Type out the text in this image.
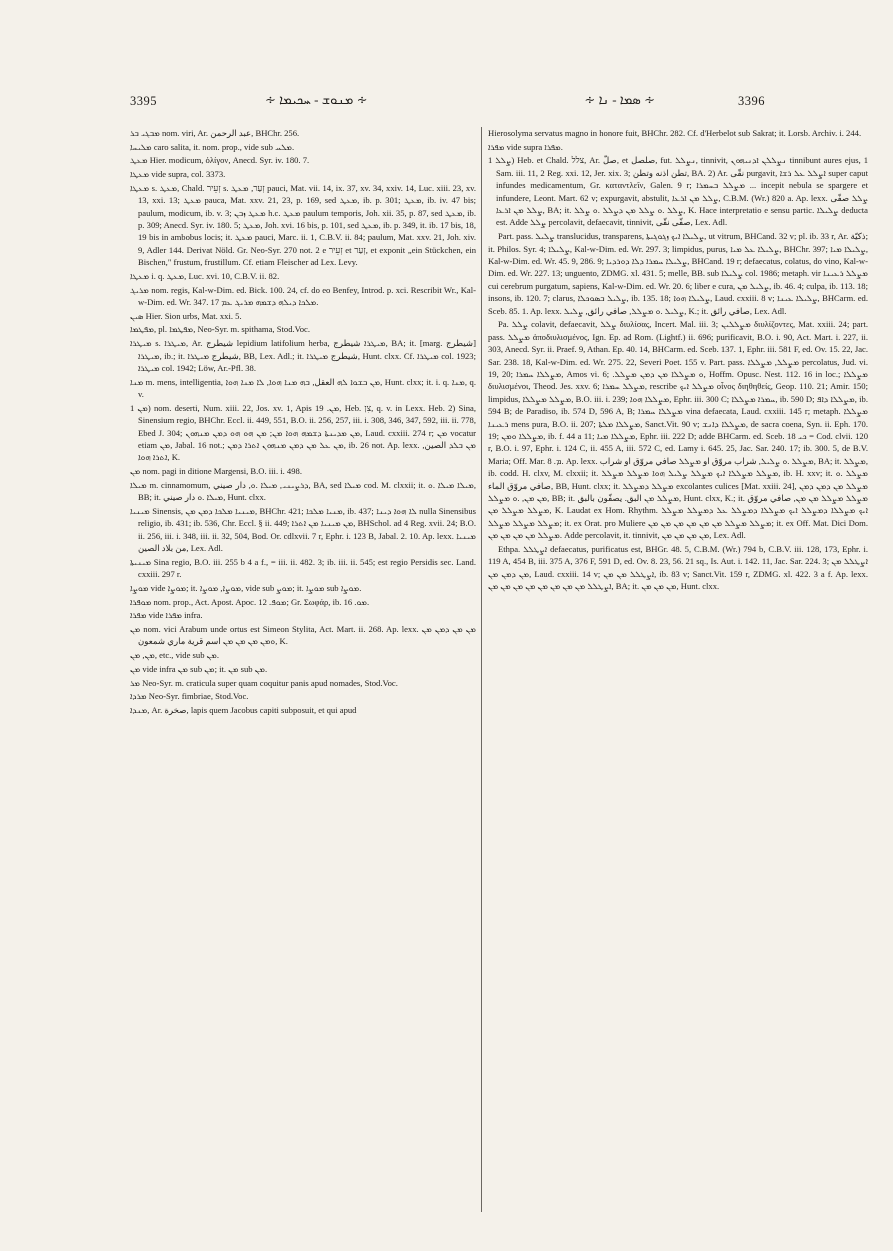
3395	∻ ܡܢܘܫ - ܚܟܝܡܐ ∻	∻ ܣܡܐ - ܢܐ ∻	3396
ܡܒܓܝ ܒܪ nom. viri, Ar. عبد الرحمن, BHChr. 256.
ܡܠܝܚܐ caro salita, it. nom. prop., vide sub ܡܠܚ.
ܡܥܛ Hier. modicum, ὀλίγον, Anecd. Syr. iv. 180. 7.
ܡܥܛܐ vide supra, col. 3373.
ܡܥܛܐ s. ܡܥܛ, Chald. זְעֵיר s. זְעַר, ܡܥܛ pauci, Mat. vii. 14, ix. 37, xv. 34, xxiv. 14, Luc. xiii. 23, xv. 13, xxi. 13; ܡܥܛ pauca, Mat. xxv. 21, 23, p. 169, sed ܡܥܛ, ib. p. 301; ܡܥܛ, ib. iv. 47 bis; paulum, modicum, ib. v. 3; ܡܥܛ ܙܒܢ h.c. ܡܥܛ paulum temporis, Joh. xii. 35, p. 87, sed ܡܥܛ, ib. p. 309; Anecd. Syr. iv. 180. 5; ܡܥܛ, Joh. xvi. 16 bis, p. 101, sed ܡܥܛ, ib. p. 349, it. ib. 17 bis, 18, 19 bis in ambobus locis; it. ܡܥܛ pauci, Marc. ii. 1, C.B.V. ii. 84; paulum, Mat. xxv. 21, Joh. xiv. 9, Adler 144. Derivat Nöld. Gr. Neo-Syr. 270 not. 2 e זְעֵיר et זְעַר, et exponit „ein Stückchen, ein Bischen," frustum, frustillum. Cf. etiam Fleischer ad Lex. Levy.
ܡܥܛܐ i. q. ܡܥܛ, Luc. xvi. 10, C.B.V. ii. 82.
ܡܪܝܓ nom. regis, Kal-w-Dim. ed. Bick. 100. 24, cf. do eo Benfey, Introd. p. xci. Rescribit Wr., Kal-w-Dim. ed. Wr. 347. 17 ܡܠܟܐ ܕܝܠܗ ܕܫܡܗ ܡܪܝܓ ܥܡ.
ܣܝܢ Hier. Sion urbs, Mat. xxi. 5.
ܡܦܛܡܐ, pl. ܡܦܛܡܐ, Neo-Syr. m. spithama, Stod.Voc.
ܡܝܛܪܐ s. ܡܝܛܪܐ, Ar. شيطرج lepidium latifolium herba, ܡܝܛܪܐ شيطرج, BA; it. [marg. شيطرج] ܡܝܛܪܐ, ib.; it. شيطرج ܡܝܛܪܐ, BB, Lex. Adl.; it. شيطرج ܡܝܛܪܐ, Hunt. clxx. Cf. ܡܝܛܪܐ col. 1923; ܡܝܛܪܐ col. 1942; Löw, Ar.-Pfl. 38.
ܡܢܐ m. mens, intelligentia, ܡܢ ܒܫܘܐ ܠܗ العقل, ܒܗ ܡܢܐ ܗܘܐ, ܠܐ ܡܢܐ ܗܘܐ, Hunt. clxx; it. i. q. ܡܢܐ, q. v.
ܡܢ 1) nom. deserti, Num. xiii. 22, Jos. xv. 1, Apis ܡܢ. 19, Heb. צִן, q. v. in Lexx. Heb. 2) Sina, Sinensium regio, BHChr. Eccl. ii. 449, 551, B.O. ii. 256, 257, iii. i. 308, 346, 347, 592, iii. ii. 778, Ebed J. 304; ܡܢ ܡܕܝܢܬܐ ܕܫܡܗ ܗܘܐ ܡܢ; ܡܢ ܗܘ ܗܘ ܕܡܢ ܡܢܗܘܢ, Laud. cxxiii. 274 r; ܡܢ vocatur etiam ܡܢ, Jabal. 16 not.; ܡܢ ܥܠ ܡܢ ܕܡܢ ܡܢܗܘܢ ܐܬܪܐ ܕܡܢ, ib. 26 not. Ap. lexx. ܡܢ ܒܠܕ الصين, ܐܬܪܐ ܗܘܐ, K.
ܡܢ nom. pagi in ditione Margensi, B.O. iii. i. 498.
ܡܝܠܐ m. cinnamomum, ܕܪܨܝܢܝ, ܡܝܠܐ .ܘ, دار صيني, BA, sed ܡܝܠܐ cod. M. clxxii; it. ܡܝܠܐ ܡܝܠܐ .ܘ, BB; it. ܡܝܠܐ .ܘ دار صيني, Hunt. clxx.
ܡܝܢܝܐ Sinensis, ܡܝܢܝܐ ܡܠܟܐ ܕܡܢ ܡܢ, BHChr. 421; ܡܢܝܐ ܡܠܟܐ, ib. 437; ܠܐ ܗܘܐ ܕܝܢܐ nulla Sinensibus religio, ib. 431; ib. 536, Chr. Eccl. § ii. 449; ܡܢ ܡܝܢܝܐ ܡܢ ܐܬܪܐ, BHSchol. ad 4 Reg. xvii. 24; B.O. ii. 256, iii. i. 348, iii. ii. 32, 504, Bod. Or. cdlxvii. 7 r, Ephr. i. 123 B, Jabal. 2. 10. Ap. lexx. ܡܝܢܝܐ من بلاد الصين, Lex. Adl.
ܡܝܢܝܬܐ Sina regio, B.O. iii. 255 b 4 a f., = iii. ii. 482. 3; ib. iii. ii. 545; est regio Persidis sec. Land. cxxiii. 297 r.
ܡܘܨܐ vide ܡܘܨܐ; it. ܡܘܨܐ, ܡܘܨܐ, vide sub ܡܘܨ; it. ܡܘܨܐ sub ܡܘܨܐ.
ܡܘܦܪܐ nom. prop., Act. Apost. Apoc. ܡܘܦ. 12; Gr. Σωφάρ, ib. ܡܘ. 16.
ܡܦܪܐ vide ܡܦܪܐ infra.
ܡܢ nom. vici Arabum unde ortus est Simeon Stylita, Act. Mart. ii. 268. Ap. lexx. ܡܢ ܡܢ ܕܡܢ ܡܢ ܘܡܢ ܡܢ ܡܢ ܡܢ اسم قرية ماري شمعون, K.
ܡܢ, ܡܢ, etc., vide sub ܡܢ.
ܡܢ vide infra ܡܢ sub ܡܢ; it. ܡܢ sub ܡܢ.
ܡܪ Neo-Syr. m. craticula super quam coquitur panis apud nomades, Stod.Voc.
ܡܪܕܐ Neo-Syr. fimbriae, Stod.Voc.
ܡܢܕܐ, Ar. صخرة, lapis quem Jacobus capiti subposuit, et qui apud
Hierosolyma servatus magno in honore fuit, BHChr. 282. Cf. d'Herbelot sub Sakrat; it. Lorsb. Archiv. i. 244.
ܡܦܪܐ vide supra ܡܦܪܐ.
ܨܠܠ 1) Heb. et Chald. צלל, Ar. صلّ, et صلصل, fut. ܢܨܠܠ, tinnivit, ܢܨܠܠܢ ܐܕܢܝܗܘܢ tinnibunt aures ejus, 1 Sam. iii. 11, 2 Reg. xxi. 12, Jer. xix. 3; تطن اذنه وتطن, BA. 2) Ar. نقّى purgavit, ܐܨܠܠ ܥܠ ܪܫܐ super caput infundes medicamentum, Gr. καταντλεῖν, Galen. 9 r; ܡܨܠܠ ܒܚܡܪܐ ... incepit nebula se spargere et infundere, Leont. Mart. 62 v; expurgavit, abstulit, ܨܠܠ ܡܢ ܐܪܥܐ, C.B.M. (Wr.) 820 a. Ap. lexx. ܨܠܠ صفّى ܨܠܠ ܡܢ ܐܪܥܐ, BA; it. ܨܠܠ .ܘ ܨܠܠ ܡܢ ܕܨܠܠ .ܘ ܨܠܠ, K. Hace interpretatio e sensu partic. ܨܠܝܠܐ deducta est. Adde ܨܠܠ percolavit, defaecavit, tinnivit, صفّى نقّى, Lex. Adl.
Part. pass. ܨܠܝܠ translucidus, transparens, ܨܠܝܠܐ ܐܝܟ ܙܓܘܓܝܬܐ, ut vitrum, BHCand. 32 v; pl. ib. 33 r, Ar. ذكيّة; it. Philos. Syr. 4; ܨܠܝܠܐ, Kal-w-Dim. ed. Wr. 297. 3; limpidus, purus, ܨܠܝܠܐ ܥܠ ܡܝܐ, BHChr. 397; ܨܠܝܠܐ ܡܝܐ, Kal-w-Dim. ed. Wr. 45. 9, 286. 9; ܨܠܝܠܐ ܚܡܪܐ ܕܠܐ ܕܘܪܕܝܐ, BHCand. 19 r; defaecatus, colatus, do vino, Kal-w-Dim. ed. Wr. 227. 13; unguento, ZDMG. xl. 431. 5; melle, BB. sub ܨܠܝܠܐ col. 1986; metaph. vir ܡܨܠܠ ܪܥܝܢܐ cui cerebrum purgatum, sapiens, Kal-w-Dim. ed. Wr. 20. 6; liber e cura, ܨܠܝܠ ܡܢ, ib. 46. 4; culpa, ib. 113. 18; insons, ib. 120. 7; clarus, ܨܠܝܠ ܒܣܘܟܠܐ, ib. 135. 18; ܨܠܝܠܐ ܗܘܐ, Laud. cxxiii. 8 v; ܨܠܝܠܐ ܥܝܢܐ, BHCarm. ed. Sceb. 85. 1. Ap. lexx. ܨܠܝܠ .ܘ ܡܨܠܠ, صافي رائق, ܨܠܝܠ, K.; it. صافي رائق, Lex. Adl.
Pa. ܨܠܠ colavit, defaecavit, ܨܠܠ διυλίσας, Incert. Mal. iii. 3; ܡܨܠܠܝܢ διυλίζοντες, Mat. xxiii. 24; part. pass. ܡܨܠܠ ἀποδιυλισμένος, Ign. Ep. ad Rom. (Lightf.) ii. 696; purificavit, B.O. i. 90, Act. Mart. i. 227, ii. 303, Anecd. Syr. ii. Praef. 9, Athan. Ep. 40. 14, BHCarm. ed. Sceb. 137. 1, Ephr. iii. 581 F, ed. Ov. 15. 22, Jac. Sar. 238. 18, Kal-w-Dim. ed. Wr. 275. 22, Severi Poet. 155 v. Part. pass. ܡܨܠܠ, ܡܨܠܠܐ percolatus, Jud. vi. 19, 20; ܡܨܠܠܐ ܚܡܪܐ, Amos vi. 6; .ܘ ܡܨܠܠܐ ܡܢ ܕܡܢ ܡܨܠܠ, Hoffm. Opusc. Nest. 112. 16 in loc.; ܡܨܠܠܐ διυλισμένοι, Theod. Jes. xxv. 6; ܡܨܠܠ ܚܡܪܐ, rescribe ܡܨܠܠ ܐܝܟ οἶνος διηθηθείς, Geop. 110. 21; Amir. 150; limpidus, ܡܨܠܠ ܡܨܠܠܐ, B.O. iii. i. 239; ܡܨܠܠܐ ܗܘܐ, Ephr. iii. 300 C; ܚܡܪܐ ܡܨܠܠܐ, ib. 590 D; ܡܨܠܠܐ ܕܐܦ, ib. 594 B; de Paradiso, ib. 574 D, 596 A, B; ܡܨܠܠܐ ܚܡܪܐ vina defaecata, Laud. cxxiii. 145 r; metaph. ܡܨܠܠܐ ܪܥܝܢܐ mens pura, B.O. ii. 207; ܡܨܠܠܐ ܡܠܬܐ, Sanct.Vit. 90 v; ܡܨܠܠܐ ܕܐܢܫ, de sacra coena, Syn. ii. Eph. 170. 19; ܡܨܠܠܐ ܘܡܢ, ib. f. 44 a 11; ܡܨܠܠܐ ܡܝܐ, Ephr. iii. 222 D; adde BHCarm. ed. Sceb. ܟܝ 18 = Cod. clvii. 120 r, B.O. i. 97, Ephr. i. 124 C, ii. 455 A, iii. 572 C, ed. Lamy i. 645. 25, Jac. Sar. 240. 17; ib. 300. 5, de B.V. Maria; Off. Mar. ܡ. 8. Ap. lexx. ܡܨܠܠ .ܘ ܨܠܝܠ, شراب مروّق او ܡܨܠܠ صافي مروّق او شراب, BA; it. ܡܨܠܠ, ib. codd. H. clxv, M. clxxii; it. ܡܨܠܠ ܡܨܠܠܐ ܐܝܟ ܡܨܠܠ ܨܠܝܠ ܗܘܐ ܡܨܠܠ ܡܨܠܠ, ib. H. xxv; it. ܡܨܠܠ .ܘ صافي مروّق الماء, BB, Hunt. clxx; it. ܡܨܠܠ ܕܡܨܠܠ excolantes culices [Mat. xxiii. 24], ܡܨܠܠ ܡܢ ܕܡܢ ܕܡܢ ܡܢ ܡܢ, .ܘ ܡܨܠܠ, BB; it. ܡܨܠܠ ܡܢ البق. يصفّون بالبق, Hunt. clxx, K.; it. ܡܨܠܠ ܡܨܠܠ ܡܢ ܡܢ, صافي مروّق ܡܨܠܠ ܡܨܠܠ ܡܢ, K. Laudat ex Hom. Rhythm. ܐܝܟ ܡܨܠܠܐ ܕܡܨܠܠ ܐܝܟ ܡܨܠܠܐ ܕܡܨܠܠ ܥܠ ܕܡܨܠܠ ܡܨܠܠ ܡܨܠܠ ܡܨܠܠ ܡܨܠܠ; it. ex Orat. pro Muliere ܡܨܠܠ ܡܨܠܠ ܡܢ ܡܢ ܡܢ ܡܢ ܡܢ ܡܢ; it. ex Off. Mat. Dici Dom. ܡܨܠܠ ܡܢ ܡܢ ܡܢ ܡܢ. Adde percolavit, it. tinnivit, ܡܢ ܡܢ ܡܢ ܡܢ, Lex. Adl.
Ethpa. ܐܨܛܠܠ defaecatus, purificatus est, BHGr. 48. 5, C.B.M. (Wr.) 794 b, C.B.V. iii. 128, 173, Ephr. i. 119 A, 454 B, iii. 375 A, 376 F, 591 D, ed. Ov. 8. 23, 56. 21 sq., Is. Aut. i. 142. 11, Jac. Sar. 224. 3; ܐܨܛܠܠ ܡܢ ܡܢ ܕܡܢ ܡܢ, Laud. cxxiii. 14 v; ܐܨܛܠܠ ܡܢ ܡܢ, ib. 83 v; Sanct.Vit. 159 r, ZDMG. xl. 422. 3 a f. Ap. lexx. ܐܨܛܠܠ ܡܢ ܡܢ ܡܢ ܡܢ ܡܢ ܡܢ ܡܢ ܡܢ, BA; it. ܡܢ ܡܢ ܡܢ, Hunt. clxx.
